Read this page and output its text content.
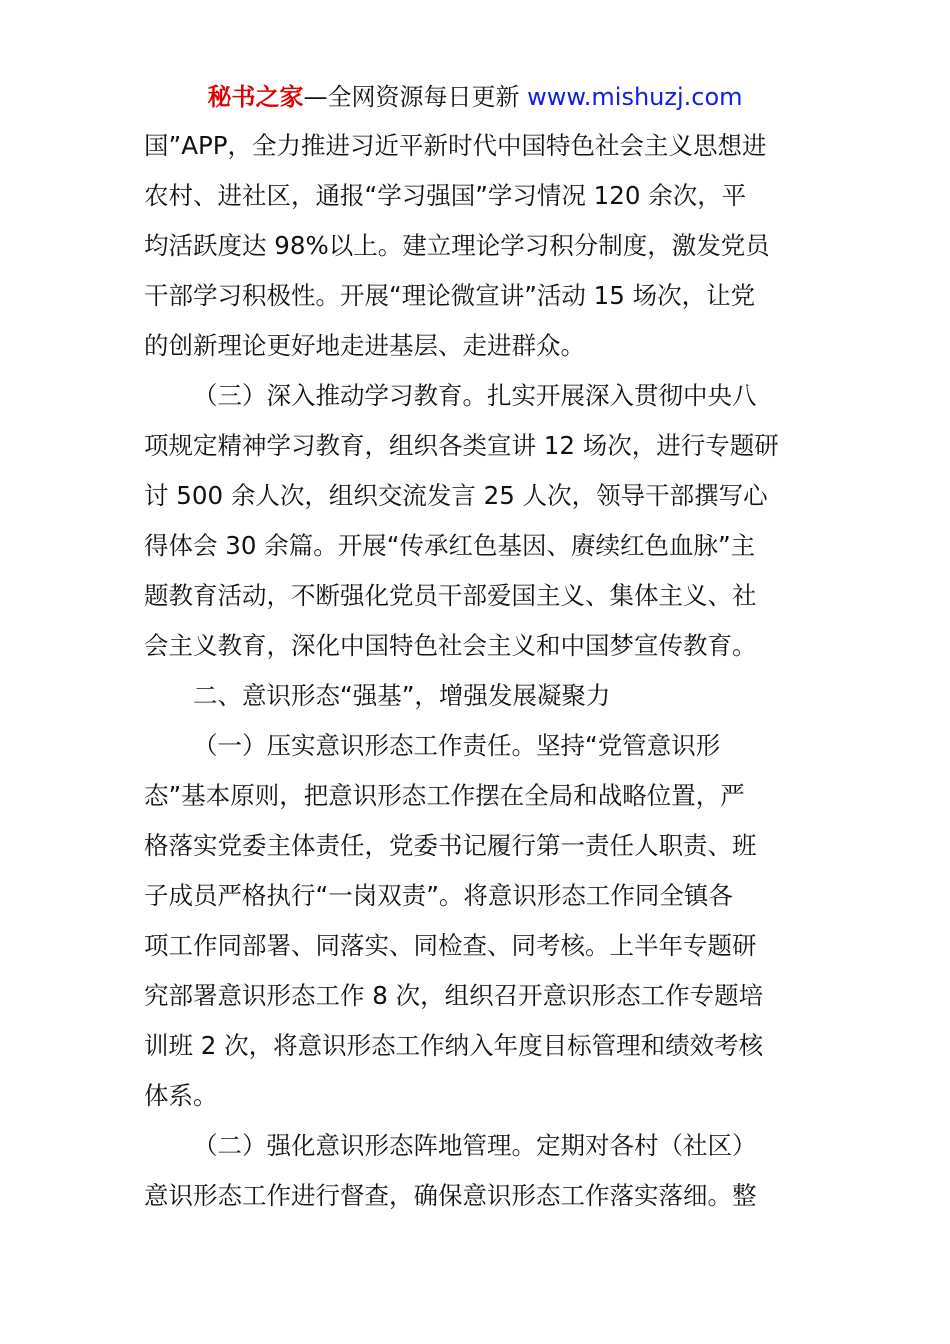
秘书之家—全网资源每日更新 www.mishuzj.com
国”APP，全力推进习近平新时代中国特色社会主义思想进
农村、进社区，通报“学习强国”学习情况 120 余次，平
均活跃度达 98%以上。建立理论学习积分制度，激发党员
干部学习积极性。开展“理论微宣讲”活动 15 场次，让党
的创新理论更好地走进基层、走进群众。
（三）深入推动学习教育。扎实开展深入贯彻中央八
项规定精神学习教育，组织各类宣讲 12 场次，进行专题研
讨 500 余人次，组织交流发言 25 人次，领导干部撰写心
得体会 30 余篇。开展“传承红色基因、赓续红色血脉”主
题教育活动，不断强化党员干部爱国主义、集体主义、社
会主义教育，深化中国特色社会主义和中国梦宣传教育。
二、意识形态“强基”，增强发展凝聚力
（一）压实意识形态工作责任。坚持“党管意识形
态”基本原则，把意识形态工作摆在全局和战略位置，严
格落实党委主体责任，党委书记履行第一责任人职责、班
子成员严格执行“一岗双责”。将意识形态工作同全镇各
项工作同部署、同落实、同检查、同考核。上半年专题研
究部署意识形态工作 8 次，组织召开意识形态工作专题培
训班 2 次，将意识形态工作纳入年度目标管理和绩效考核
体系。
（二）强化意识形态阵地管理。定期对各村（社区）
意识形态工作进行督查，确保意识形态工作落实落细。整
